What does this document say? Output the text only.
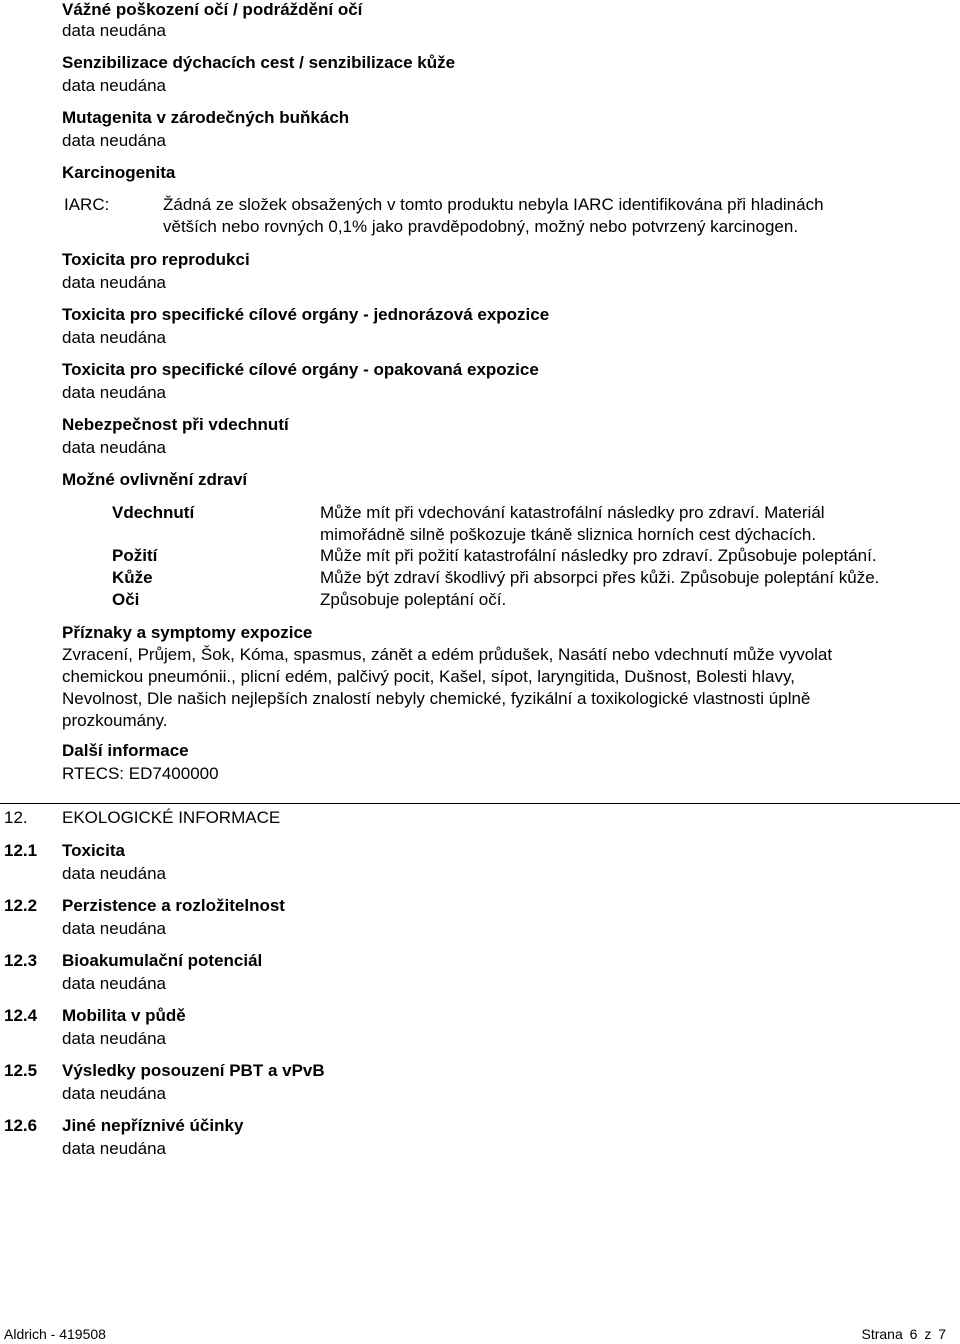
Vážné poškození očí / podráždění očí
data neudána
Senzibilizace dýchacích cest / senzibilizace kůže
data neudána
Mutagenita v zárodečných buňkách
data neudána
Karcinogenita
IARC:	Žádná ze složek obsažených v tomto produktu nebyla IARC identifikována při hladinách
větších nebo rovných 0,1% jako pravděpodobný, možný nebo potvrzený karcinogen.
Toxicita pro reprodukci
data neudána
Toxicita pro specifické cílové orgány - jednorázová expozice
data neudána
Toxicita pro specifické cílové orgány - opakovaná expozice
data neudána
Nebezpečnost při vdechnutí
data neudána
Možné ovlivnění zdraví
Vdechnutí	Může mít při vdechování katastrofální následky pro zdraví. Materiál
mimořádně silně poškozuje tkáně sliznica horních cest dýchacích.
Požití	Může mít při požití katastrofální následky pro zdraví. Způsobuje poleptání.
Kůže	Může být zdraví škodlivý při absorpci přes kůži. Způsobuje poleptání kůže.
Oči	Způsobuje poleptání očí.
Příznaky a symptomy expozice
Zvracení, Průjem, Šok, Kóma, spasmus, zánět a edém průdušek, Nasátí nebo vdechnutí může vyvolat
chemickou pneumónii., plicní edém, palčivý pocit, Kašel, sípot, laryngitida, Dušnost, Bolesti hlavy,
Nevolnost, Dle našich nejlepších znalostí nebyly chemické, fyzikální a toxikologické vlastnosti úplně
prozkoumány.
Další informace
RTECS: ED7400000
12. EKOLOGICKÉ INFORMACE
12.1 Toxicita
data neudána
12.2 Perzistence a rozložitelnost
data neudána
12.3 Bioakumulační potenciál
data neudána
12.4 Mobilita v půdě
data neudána
12.5 Výsledky posouzení PBT a vPvB
data neudána
12.6 Jiné nepříznivé účinky
data neudána
Aldrich - 419508	Strana 6 z 7
